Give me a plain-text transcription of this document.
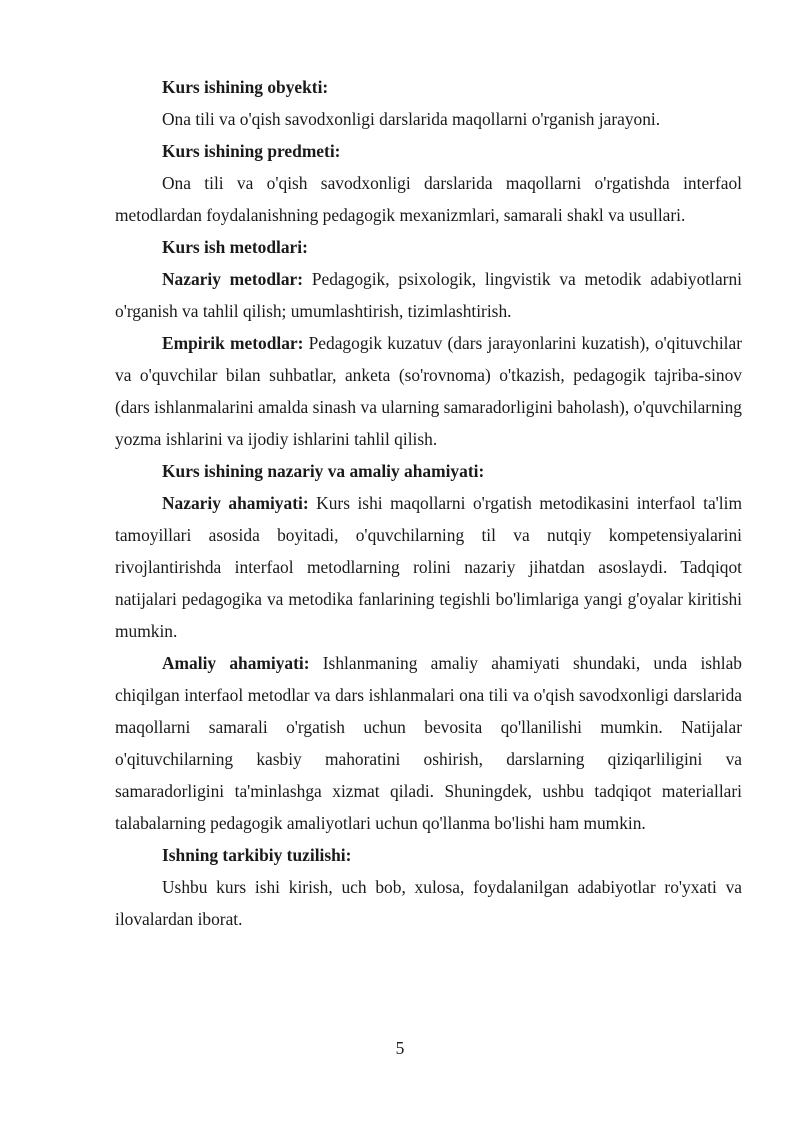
Kurs ishining obyekti:

Ona tili va o'qish savodxonligi darslarida maqollarni o'rganish jarayoni.

Kurs ishining predmeti:

Ona tili va o'qish savodxonligi darslarida maqollarni o'rgatishda interfaol metodlardan foydalanishning pedagogik mexanizmlari, samarali shakl va usullari.

Kurs ish metodlari:

Nazariy metodlar: Pedagogik, psixologik, lingvistik va metodik adabiyotlarni o'rganish va tahlil qilish; umumlashtirish, tizimlashtirish.

Empirik metodlar: Pedagogik kuzatuv (dars jarayonlarini kuzatish), o'qituvchilar va o'quvchilar bilan suhbatlar, anketa (so'rovnoma) o'tkazish, pedagogik tajriba-sinov (dars ishlanmalarini amalda sinash va ularning samaradorligini baholash), o'quvchilarning yozma ishlarini va ijodiy ishlarini tahlil qilish.

Kurs ishining nazariy va amaliy ahamiyati:

Nazariy ahamiyati: Kurs ishi maqollarni o'rgatish metodikasini interfaol ta'lim tamoyillari asosida boyitadi, o'quvchilarning til va nutqiy kompetensiyalarini rivojlantirishda interfaol metodlarning rolini nazariy jihatdan asoslaydi. Tadqiqot natijalari pedagogika va metodika fanlarining tegishli bo'limlariga yangi g'oyalar kiritishi mumkin.

Amaliy ahamiyati: Ishlanmaning amaliy ahamiyati shundaki, unda ishlab chiqilgan interfaol metodlar va dars ishlanmalari ona tili va o'qish savodxonligi darslarida maqollarni samarali o'rgatish uchun bevosita qo'llanilishi mumkin. Natijalar o'qituvchilarning kasbiy mahoratini oshirish, darslarning qiziqarliligini va samaradorligini ta'minlashga xizmat qiladi. Shuningdek, ushbu tadqiqot materiallari talabalarning pedagogik amaliyotlari uchun qo'llanma bo'lishi ham mumkin.

Ishning tarkibiy tuzilishi:

Ushbu kurs ishi kirish, uch bob, xulosa, foydalanilgan adabiyotlar ro'yxati va ilovalardan iborat.

5
